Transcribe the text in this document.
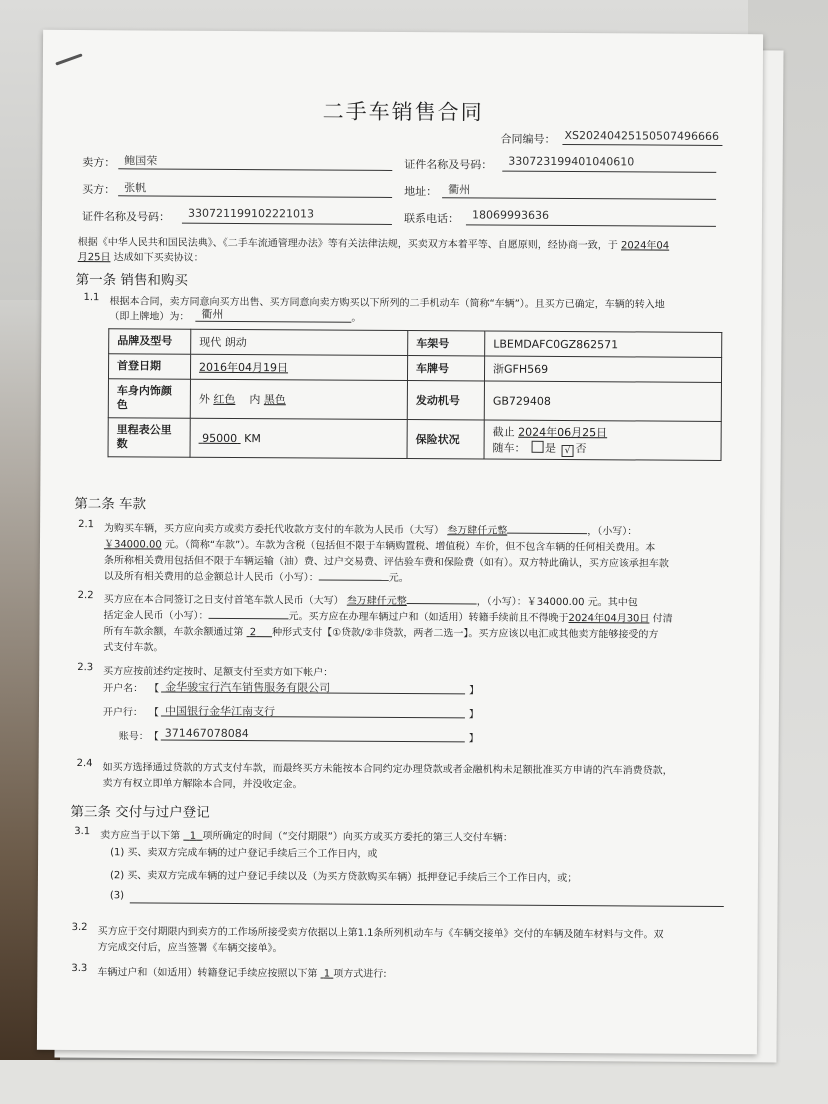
二手车销售合同
合同编号： XS20240425150507496666
卖方： 鲍国荣	证件名称及号码： 330723199401040610
买方： 张帆	地址： 衢州
证件名称及号码： 330721199102221013	联系电话： 18069993636
根据《中华人民共和国民法典》、《二手车流通管理办法》等有关法律法规，买卖双方本着平等、自愿原则，经协商一致，于 2024年04
月25日 达成如下买卖协议：
第一条 销售和购买
1.1 根据本合同，卖方同意向买方出售、买方同意向卖方购买以下所列的二手机动车（简称“车辆”）。且买方已确定，车辆的转入地
（即上牌地）为： 衢州	。
品牌及型号	现代 朗动	车架号	LBEMDAFC0GZ862571
首登日期	2016年04月19日	车牌号	浙GFH569
车身内饰颜色	外 红色 内 黑色	发动机号	GB729408
里程表公里数	95000 KM	保险状况	截止 2024年06月25日
随车： 是 √ 否
第二条 车款
2.1 为购买车辆，买方应向卖方或卖方委托代收款方支付的车款为人民币（大写） 叁万肆仟元整	，（小写）：
￥34000.00 元。（简称“车款”）。车款为含税（包括但不限于车辆购置税、增值税）车价，但不包含车辆的任何相关费用。本
条所称相关费用包括但不限于车辆运输（油）费、过户交易费、评估验车费和保险费（如有）。双方特此确认，买方应该承担车款
以及所有相关费用的总金额总计人民币（小写）：	元。
2.2 买方应在本合同签订之日支付首笔车款人民币（大写） 叁万肆仟元整	，（小写）：￥34000.00 元。其中包
括定金人民币（小写）：	元。买方应在办理车辆过户和（如适用）转籍手续前且不得晚于2024年04月30日 付清
所有车款余额，车款余额通过第 2 种形式支付【①贷款/②非贷款，两者二选一】。买方应该以电汇或其他卖方能够接受的方
式支付车款。
2.3 买方应按前述约定按时、足额支付至卖方如下帐户：
开户名： 【 金华骏宝行汽车销售服务有限公司	】
开户行： 【 中国银行金华江南支行	】
账号： 【 371467078084	】
2.4 如买方选择通过贷款的方式支付车款，而最终买方未能按本合同约定办理贷款或者金融机构未足额批准买方申请的汽车消费贷款，
卖方有权立即单方解除本合同，并没收定金。
第三条 交付与过户登记
3.1 卖方应当于以下第 1 项所确定的时间（“交付期限”）向买方或买方委托的第三人交付车辆：
(1) 买、卖双方完成车辆的过户登记手续后三个工作日内，或
(2) 买、卖双方完成车辆的过户登记手续以及（为买方贷款购买车辆）抵押登记手续后三个工作日内，或；
(3)
3.2 买方应于交付期限内到卖方的工作场所接受卖方依据以上第1.1条所列机动车与《车辆交接单》交付的车辆及随车材料与文件。双
方完成交付后，应当签署《车辆交接单》。
3.3 车辆过户和（如适用）转籍登记手续应按照以下第 1 项方式进行:
